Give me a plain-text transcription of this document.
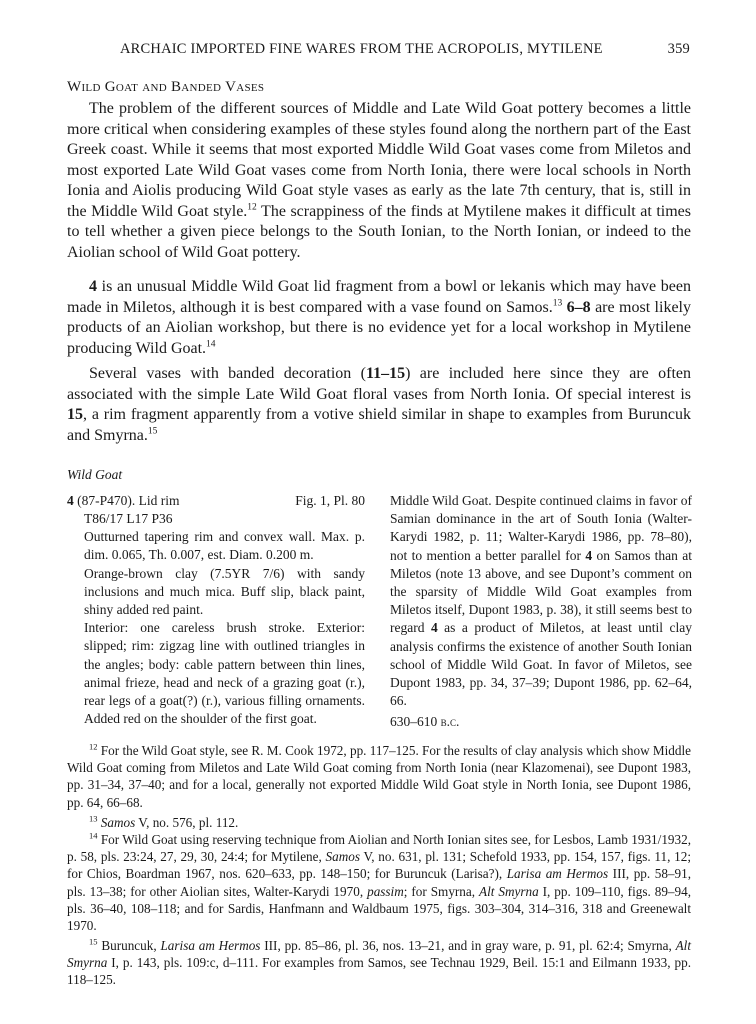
ARCHAIC IMPORTED FINE WARES FROM THE ACROPOLIS, MYTILENE	359
Wild Goat and Banded Vases

The problem of the different sources of Middle and Late Wild Goat pottery becomes a little more critical when considering examples of these styles found along the northern part of the East Greek coast. While it seems that most exported Middle Wild Goat vases come from Miletos and most exported Late Wild Goat vases come from North Ionia, there were local schools in North Ionia and Aiolis producing Wild Goat style vases as early as the late 7th century, that is, still in the Middle Wild Goat style.$^{12}$ The scrappiness of the finds at Mytilene makes it difficult at times to tell whether a given piece belongs to the South Ionian, to the North Ionian, or indeed to the Aiolian school of Wild Goat pottery.

4 is an unusual Middle Wild Goat lid fragment from a bowl or lekanis which may have been made in Miletos, although it is best compared with a vase found on Samos.$^{13}$ 6–8 are most likely products of an Aiolian workshop, but there is no evidence yet for a local workshop in Mytilene producing Wild Goat.$^{14}$

Several vases with banded decoration (11–15) are included here since they are often associated with the simple Late Wild Goat floral vases from North Ionia. Of special interest is 15, a rim fragment apparently from a votive shield similar in shape to examples from Buruncuk and Smyrna.$^{15}$

Wild Goat
4 (87-P470). Lid rim	Fig. 1, Pl. 80

T86/17 L17 P36

Outturned tapering rim and convex wall. Max. p. dim. 0.065, Th. 0.007, est. Diam. 0.200 m.

Orange-brown clay (7.5YR 7/6) with sandy inclusions and much mica. Buff slip, black paint, shiny added red paint.

Interior: one careless brush stroke. Exterior: slipped; rim: zigzag line with outlined triangles in the angles; body: cable pattern between thin lines, animal frieze, head and neck of a grazing goat (r.), rear legs of a goat(?) (r.), various filling ornaments. Added red on the shoulder of the first goat.

Middle Wild Goat. Despite continued claims in favor of Samian dominance in the art of South Ionia (Walter-Karydi 1982, p. 11; Walter-Karydi 1986, pp. 78–80), not to mention a better parallel for 4 on Samos than at Miletos (note 13 above, and see Dupont’s comment on the sparsity of Middle Wild Goat examples from Miletos itself, Dupont 1983, p. 38), it still seems best to regard 4 as a product of Miletos, at least until clay analysis confirms the existence of another South Ionian school of Middle Wild Goat. In favor of Miletos, see Dupont 1983, pp. 34, 37–39; Dupont 1986, pp. 62–64, 66.
630–610 b.c.

$^{12}$ For the Wild Goat style, see R. M. Cook 1972, pp. 117–125. For the results of clay analysis which show Middle Wild Goat coming from Miletos and Late Wild Goat coming from North Ionia (near Klazomenai), see Dupont 1983, pp. 31–34, 37–40; and for a local, generally not exported Middle Wild Goat style in North Ionia, see Dupont 1986, pp. 64, 66–68.

$^{13}$ Samos V, no. 576, pl. 112.

$^{14}$ For Wild Goat using reserving technique from Aiolian and North Ionian sites see, for Lesbos, Lamb 1931/1932, p. 58, pls. 23:24, 27, 29, 30, 24:4; for Mytilene, Samos V, no. 631, pl. 131; Schefold 1933, pp. 154, 157, figs. 11, 12; for Chios, Boardman 1967, nos. 620–633, pp. 148–150; for Buruncuk (Larisa?), Larisa am Hermos III, pp. 58–91, pls. 13–38; for other Aiolian sites, Walter-Karydi 1970, passim; for Smyrna, Alt Smyrna I, pp. 109–110, figs. 89–94, pls. 36–40, 108–118; and for Sardis, Hanfmann and Waldbaum 1975, figs. 303–304, 314–316, 318 and Greenewalt 1970.

$^{15}$ Buruncuk, Larisa am Hermos III, pp. 85–86, pl. 36, nos. 13–21, and in gray ware, p. 91, pl. 62:4; Smyrna, Alt Smyrna I, p. 143, pls. 109:c, d–111. For examples from Samos, see Technau 1929, Beil. 15:1 and Eilmann 1933, pp. 118–125.
